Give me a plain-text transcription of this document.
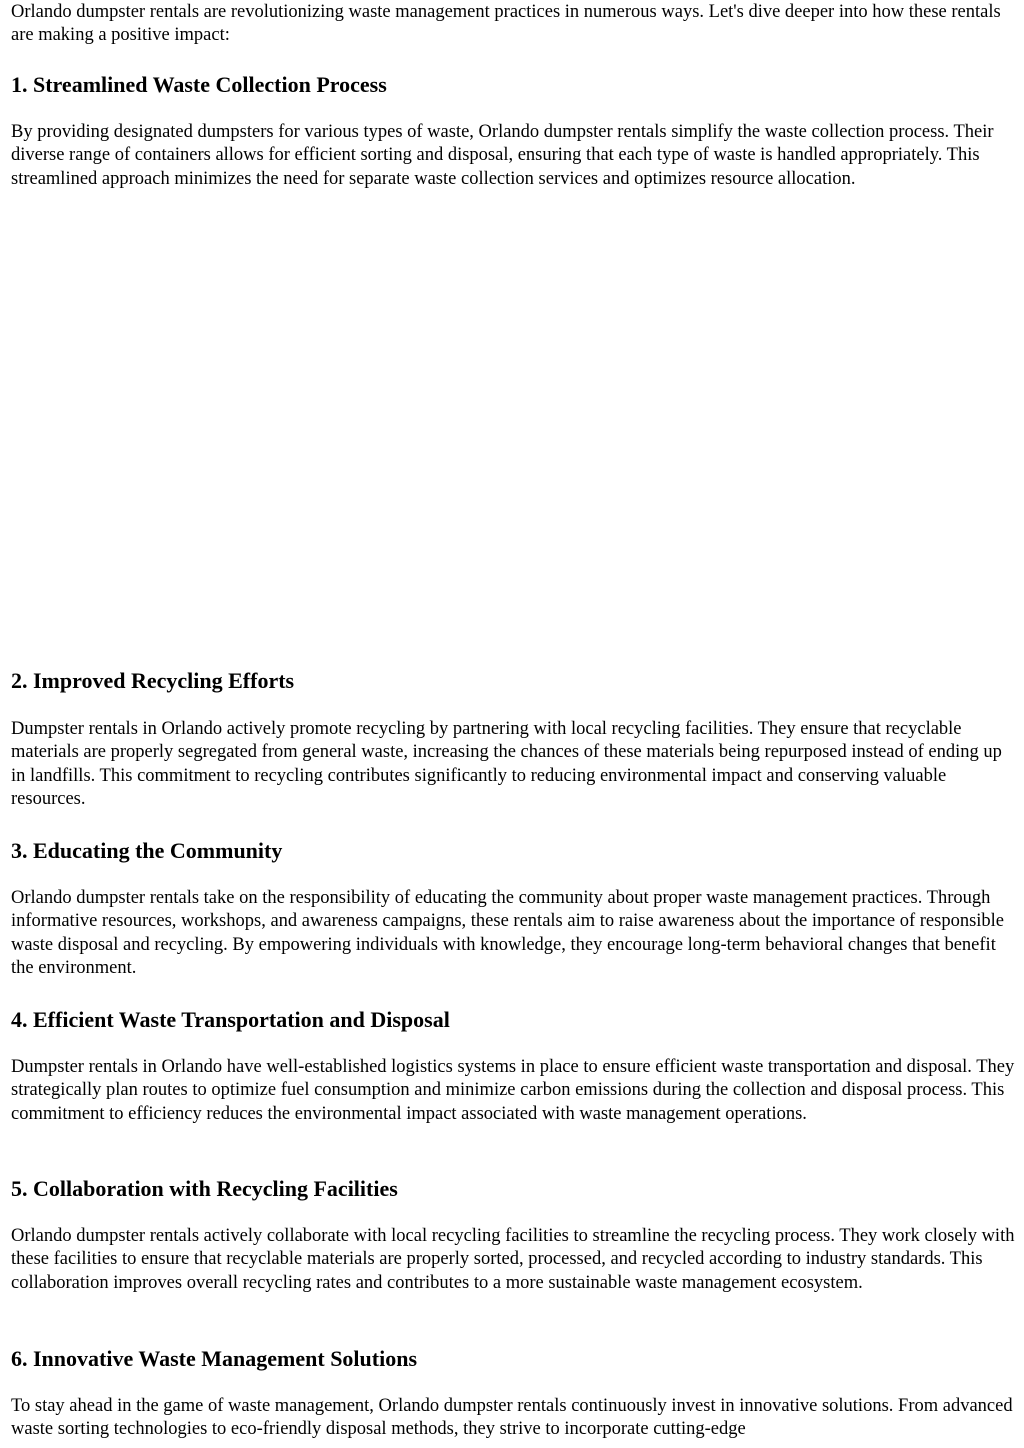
Orlando dumpster rentals are revolutionizing waste management practices in numerous ways. Let's dive deeper into how these rentals are making a positive impact:

1. Streamlined Waste Collection Process

By providing designated dumpsters for various types of waste, Orlando dumpster rentals simplify the waste collection process. Their diverse range of containers allows for efficient sorting and disposal, ensuring that each type of waste is handled appropriately. This streamlined approach minimizes the need for separate waste collection services and optimizes resource allocation.

2. Improved Recycling Efforts

Dumpster rentals in Orlando actively promote recycling by partnering with local recycling facilities. They ensure that recyclable materials are properly segregated from general waste, increasing the chances of these materials being repurposed instead of ending up in landfills. This commitment to recycling contributes significantly to reducing environmental impact and conserving valuable resources.

3. Educating the Community

Orlando dumpster rentals take on the responsibility of educating the community about proper waste management practices. Through informative resources, workshops, and awareness campaigns, these rentals aim to raise awareness about the importance of responsible waste disposal and recycling. By empowering individuals with knowledge, they encourage long-term behavioral changes that benefit the environment.

4. Efficient Waste Transportation and Disposal

Dumpster rentals in Orlando have well-established logistics systems in place to ensure efficient waste transportation and disposal. They strategically plan routes to optimize fuel consumption and minimize carbon emissions during the collection and disposal process. This commitment to efficiency reduces the environmental impact associated with waste management operations.

5. Collaboration with Recycling Facilities

Orlando dumpster rentals actively collaborate with local recycling facilities to streamline the recycling process. They work closely with these facilities to ensure that recyclable materials are properly sorted, processed, and recycled according to industry standards. This collaboration improves overall recycling rates and contributes to a more sustainable waste management ecosystem.

6. Innovative Waste Management Solutions

To stay ahead in the game of waste management, Orlando dumpster rentals continuously invest in innovative solutions. From advanced waste sorting technologies to eco-friendly disposal methods, they strive to incorporate cutting-edge
